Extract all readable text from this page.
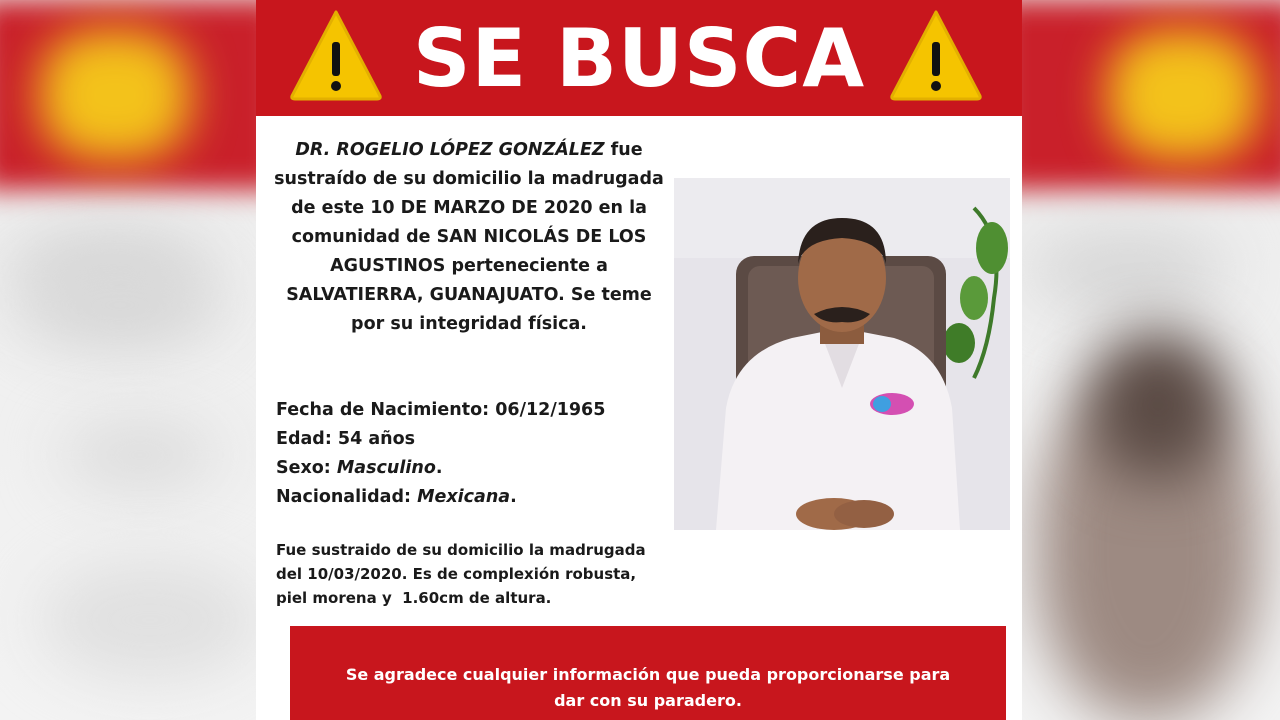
SE BUSCA
DR. ROGELIO LÓPEZ GONZÁLEZ fue
sustraído de su domicilio la madrugada
de este 10 DE MARZO DE 2020 en la
comunidad de SAN NICOLÁS DE LOS
AGUSTINOS perteneciente a
SALVATIERRA, GUANAJUATO. Se teme
por su integridad física.
Fecha de Nacimiento: 06/12/1965
Edad: 54 años
Sexo: Masculino.
Nacionalidad: Mexicana.
Fue sustraido de su domicilio la madrugada
del 10/03/2020. Es de complexión robusta,
piel morena y  1.60cm de altura.
Se agradece cualquier información que pueda proporcionarse para
dar con su paradero.
